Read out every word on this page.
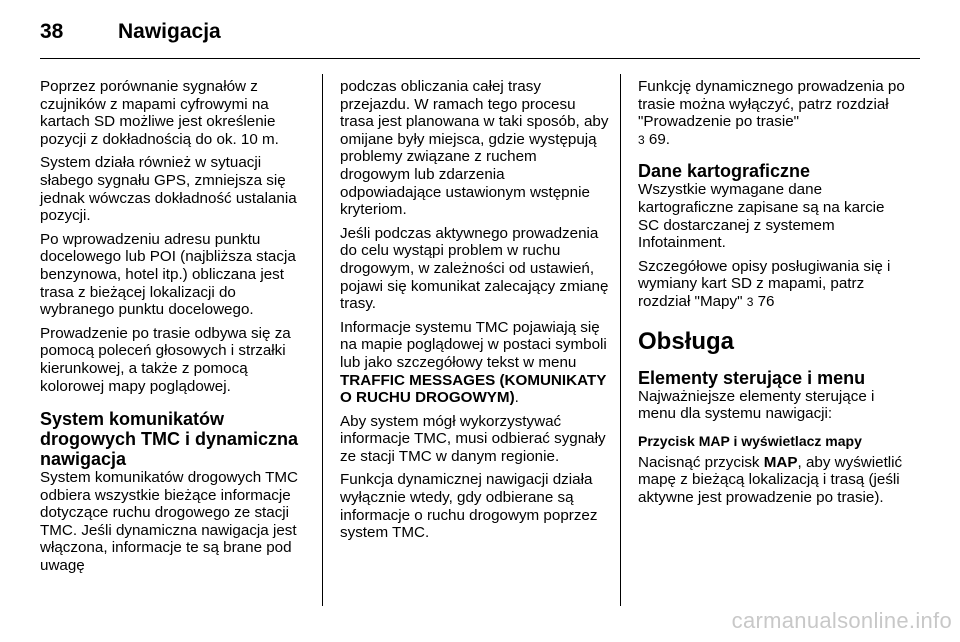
38	Nawigacja

Poprzez porównanie sygnałów z czujników z mapami cyfrowymi na kartach SD możliwe jest określenie pozycji z dokładnością do ok. 10 m.

System działa również w sytuacji słabego sygnału GPS, zmniejsza się jednak wówczas dokładność ustalania pozycji.

Po wprowadzeniu adresu punktu docelowego lub POI (najbliższa stacja benzynowa, hotel itp.) obliczana jest trasa z bieżącej lokalizacji do wybranego punktu docelowego.

Prowadzenie po trasie odbywa się za pomocą poleceń głosowych i strzałki kierunkowej, a także z pomocą kolorowej mapy poglądowej.

System komunikatów drogowych TMC i dynamiczna nawigacja

System komunikatów drogowych TMC odbiera wszystkie bieżące informacje dotyczące ruchu drogowego ze stacji TMC. Jeśli dynamiczna nawigacja jest włączona, informacje te są brane pod uwagę

podczas obliczania całej trasy przejazdu. W ramach tego procesu trasa jest planowana w taki sposób, aby omijane były miejsca, gdzie występują problemy związane z ruchem drogowym lub zdarzenia odpowiadające ustawionym wstępnie kryteriom.

Jeśli podczas aktywnego prowadzenia do celu wystąpi problem w ruchu drogowym, w zależności od ustawień, pojawi się komunikat zalecający zmianę trasy.

Informacje systemu TMC pojawiają się na mapie poglądowej w postaci symboli lub jako szczegółowy tekst w menu TRAFFIC MESSAGES (KOMUNIKATY O RUCHU DROGOWYM).

Aby system mógł wykorzystywać informacje TMC, musi odbierać sygnały ze stacji TMC w danym regionie.

Funkcja dynamicznej nawigacji działa wyłącznie wtedy, gdy odbierane są informacje o ruchu drogowym poprzez system TMC.

Funkcję dynamicznego prowadzenia po trasie można wyłączyć, patrz rozdział "Prowadzenie po trasie"
3 69.

Dane kartograficzne

Wszystkie wymagane dane kartograficzne zapisane są na karcie SC dostarczanej z systemem Infotainment.

Szczegółowe opisy posługiwania się i wymiany kart SD z mapami, patrz rozdział "Mapy" 3 76

Obsługa
Elementy sterujące i menu

Najważniejsze elementy sterujące i menu dla systemu nawigacji:

Przycisk MAP i wyświetlacz mapy

Nacisnąć przycisk MAP, aby wyświetlić mapę z bieżącą lokalizacją i trasą (jeśli aktywne jest prowadzenie po trasie).

carmanualsonline.info
